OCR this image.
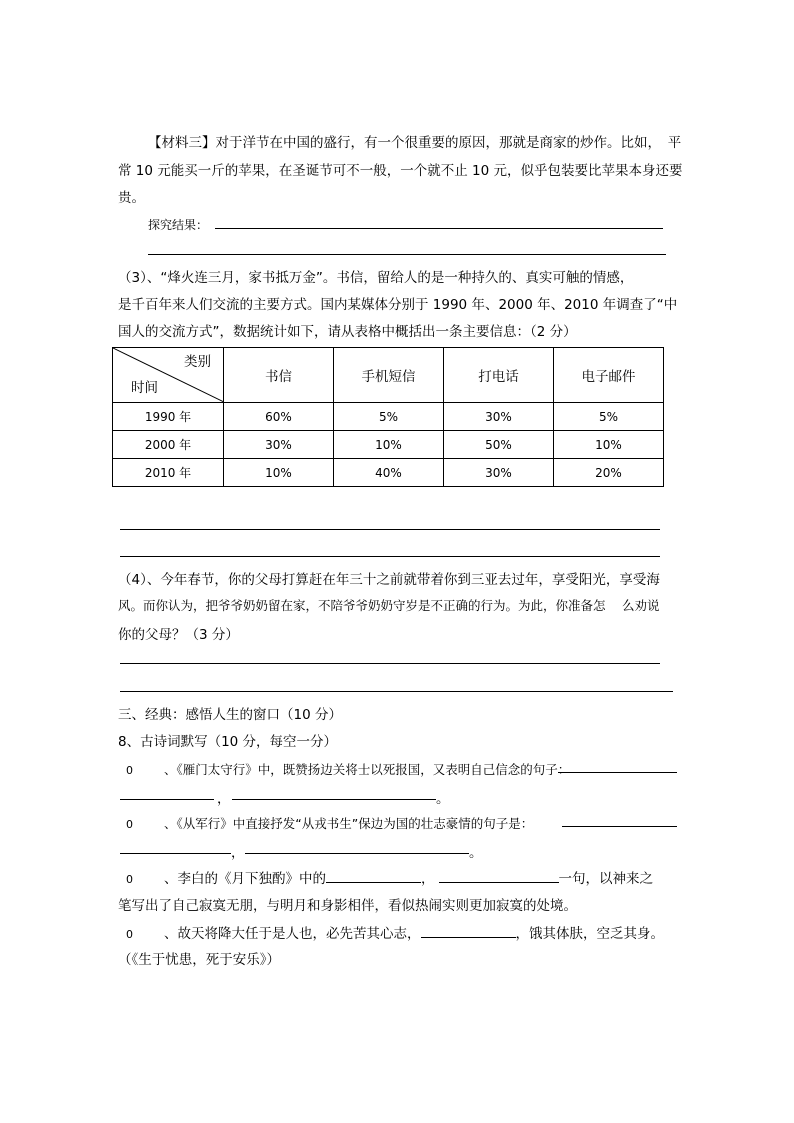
【材料三】对于洋节在中国的盛行，有一个很重要的原因，那就是商家的炒作。比如，　平
常 10 元能买一斤的苹果，在圣诞节可不一般，一个就不止 10 元，似乎包装要比苹果本身还要
贵。
探究结果：
（3）、“烽火连三月，家书抵万金”。书信，留给人的是一种持久的、真实可触的情感，
是千百年来人们交流的主要方式。国内某媒体分别于 1990 年、2000 年、2010 年调查了“中
国人的交流方式”，数据统计如下，请从表格中概括出一条主要信息：（2 分）
类别
时间	书信	手机短信	打电话	电子邮件
1990 年	60%	5%	30%	5%
2000 年	30%	10%	50%	10%
2010 年	10%	40%	30%	20%
（4）、今年春节，你的父母打算赶在年三十之前就带着你到三亚去过年，享受阳光，享受海
风。而你认为，把爷爷奶奶留在家，不陪爷爷奶奶守岁是不正确的行为。为此，你准备怎　 么劝说
你的父母？（3 分）
三、经典：感悟人生的窗口（10 分）
8、古诗词默写（10 分，每空一分）
0 、《雁门太守行》中，既赞扬边关将士以死报国，又表明自己信念的句子：
，	。
0 、《从军行》中直接抒发“从戎书生”保边为国的壮志豪情的句子是：
，	。
0 、李白的《月下独酌》中的	，	一句，以神来之
笔写出了自己寂寞无朋，与明月和身影相伴，看似热闹实则更加寂寞的处境。
0 、故天将降大任于是人也，必先苦其心志，	，饿其体肤，空乏其身。
（《生于忧患，死于安乐》）
